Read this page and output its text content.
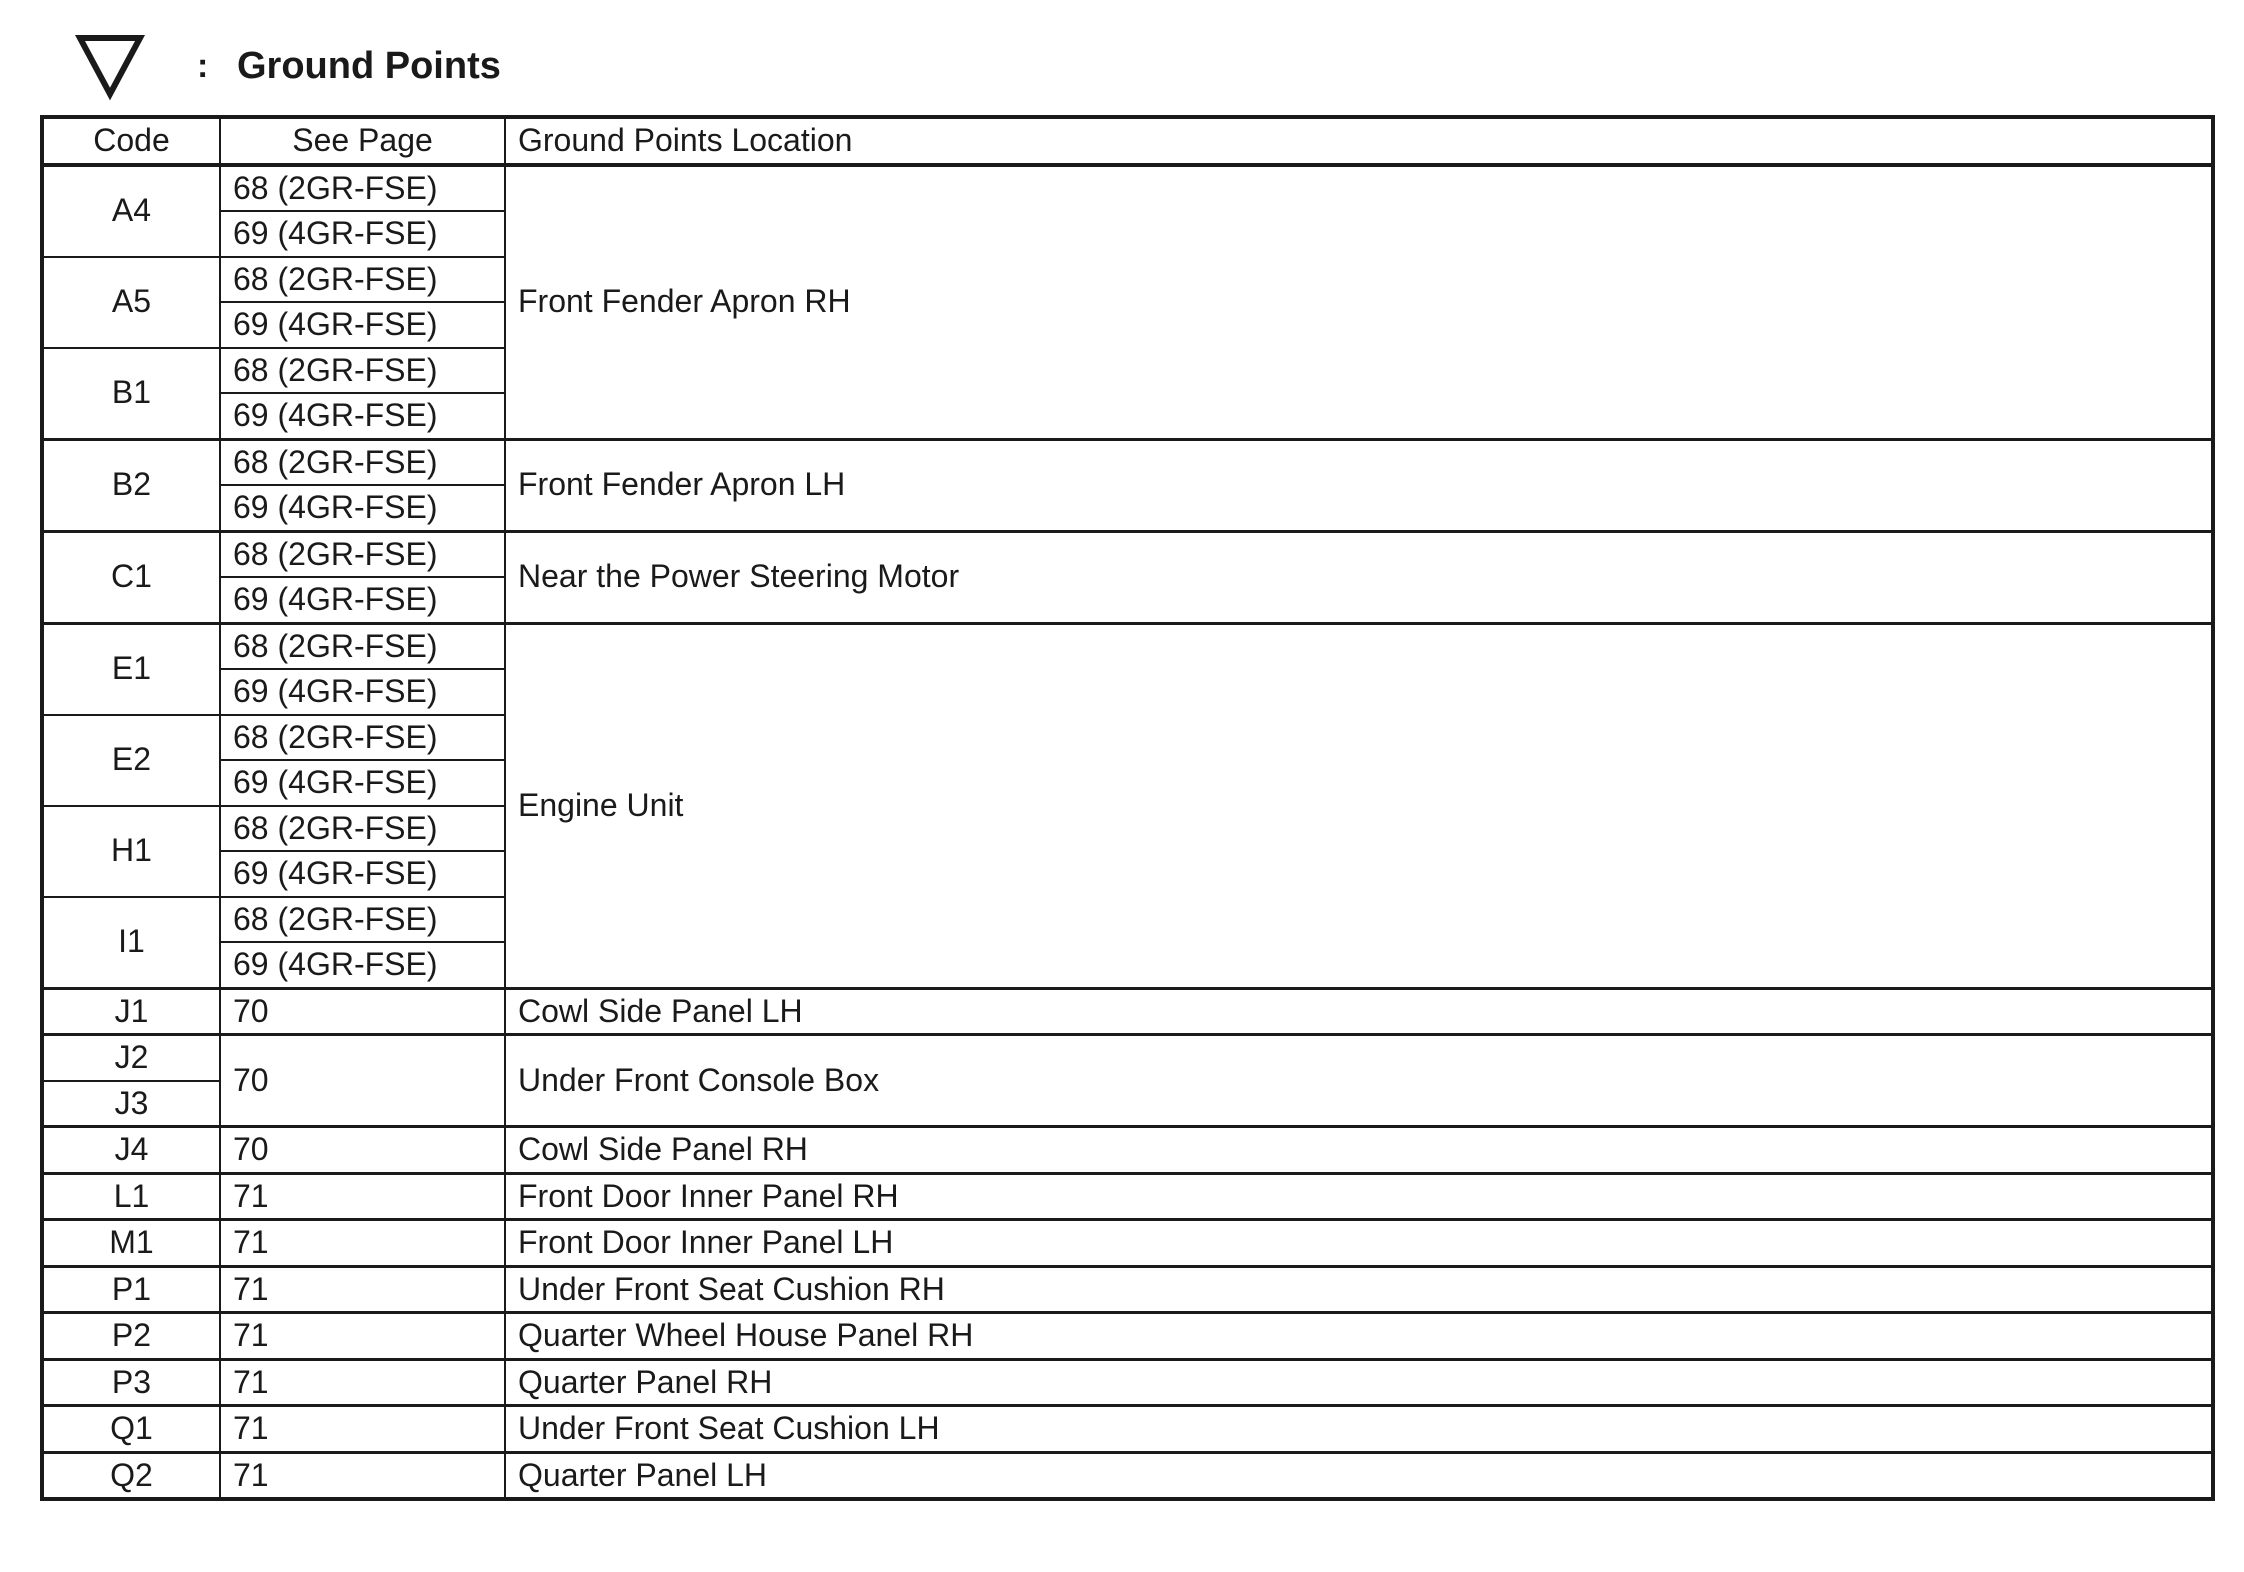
: Ground Points
Code	See Page	Ground Points Location
A4	68 (2GR-FSE)	Front Fender Apron RH
	69 (4GR-FSE)	
A5	68 (2GR-FSE)	
	69 (4GR-FSE)	
B1	68 (2GR-FSE)	
	69 (4GR-FSE)	
B2	68 (2GR-FSE)	Front Fender Apron LH
	69 (4GR-FSE)	
C1	68 (2GR-FSE)	Near the Power Steering Motor
	69 (4GR-FSE)	
E1	68 (2GR-FSE)	Engine Unit
	69 (4GR-FSE)	
E2	68 (2GR-FSE)	
	69 (4GR-FSE)	
H1	68 (2GR-FSE)	
	69 (4GR-FSE)	
I1	68 (2GR-FSE)	
	69 (4GR-FSE)	
J1	70	Cowl Side Panel LH
J2	70	Under Front Console Box
J3		
J4	70	Cowl Side Panel RH
L1	71	Front Door Inner Panel RH
M1	71	Front Door Inner Panel LH
P1	71	Under Front Seat Cushion RH
P2	71	Quarter Wheel House Panel RH
P3	71	Quarter Panel RH
Q1	71	Under Front Seat Cushion LH
Q2	71	Quarter Panel LH
